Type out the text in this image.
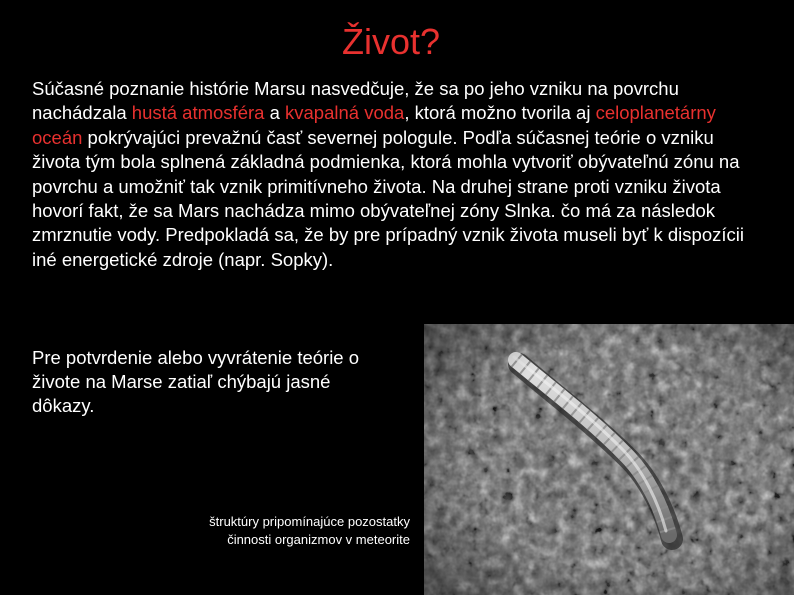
Život?
Súčasné poznanie histórie Marsu nasvedčuje, že sa po jeho vzniku na povrchu nachádzala hustá atmosféra a kvapalná voda, ktorá možno tvorila aj celoplanetárny oceán pokrývajúci prevažnú časť severnej pologule. Podľa súčasnej teórie o vzniku života tým bola splnená základná podmienka, ktorá mohla vytvoriť obývateľnú zónu na povrchu a umožniť tak vznik primitívneho života. Na druhej strane proti vzniku života hovorí fakt, že sa Mars nachádza mimo obývateľnej zóny Slnka. čo má za následok zmrznutie vody. Predpokladá sa, že by pre prípadný vznik života museli byť k dispozícii iné energetické zdroje (napr. Sopky).
Pre potvrdenie alebo vyvrátenie teórie o živote na Marse zatiaľ chýbajú jasné dôkazy.
štruktúry pripomínajúce pozostatky
činnosti organizmov v meteorite
